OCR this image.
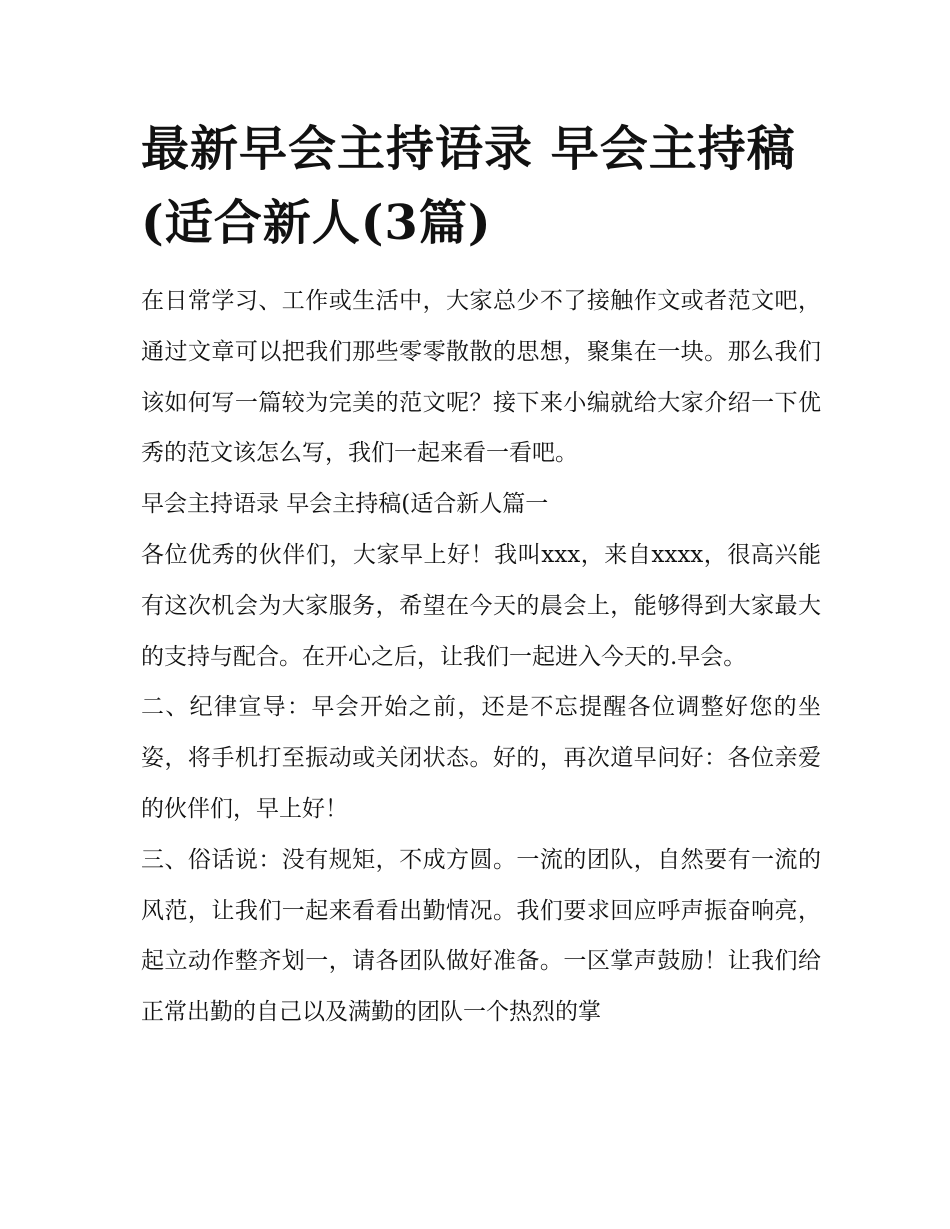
最新早会主持语录 早会主持稿(适合新人(3篇)

在日常学习、工作或生活中，大家总少不了接触作文或者范文吧，通过文章可以把我们那些零零散散的思想，聚集在一块。那么我们该如何写一篇较为完美的范文呢？接下来小编就给大家介绍一下优秀的范文该怎么写，我们一起来看一看吧。

早会主持语录 早会主持稿(适合新人篇一

各位优秀的伙伴们，大家早上好！我叫xxx，来自xxxx，很高兴能有这次机会为大家服务，希望在今天的晨会上，能够得到大家最大的支持与配合。在开心之后，让我们一起进入今天的.早会。

二、纪律宣导：早会开始之前，还是不忘提醒各位调整好您的坐姿，将手机打至振动或关闭状态。好的，再次道早问好：各位亲爱的伙伴们，早上好！

三、俗话说：没有规矩，不成方圆。一流的团队，自然要有一流的风范，让我们一起来看看出勤情况。我们要求回应呼声振奋响亮，起立动作整齐划一，请各团队做好准备。一区掌声鼓励！让我们给正常出勤的自己以及满勤的团队一个热烈的掌
